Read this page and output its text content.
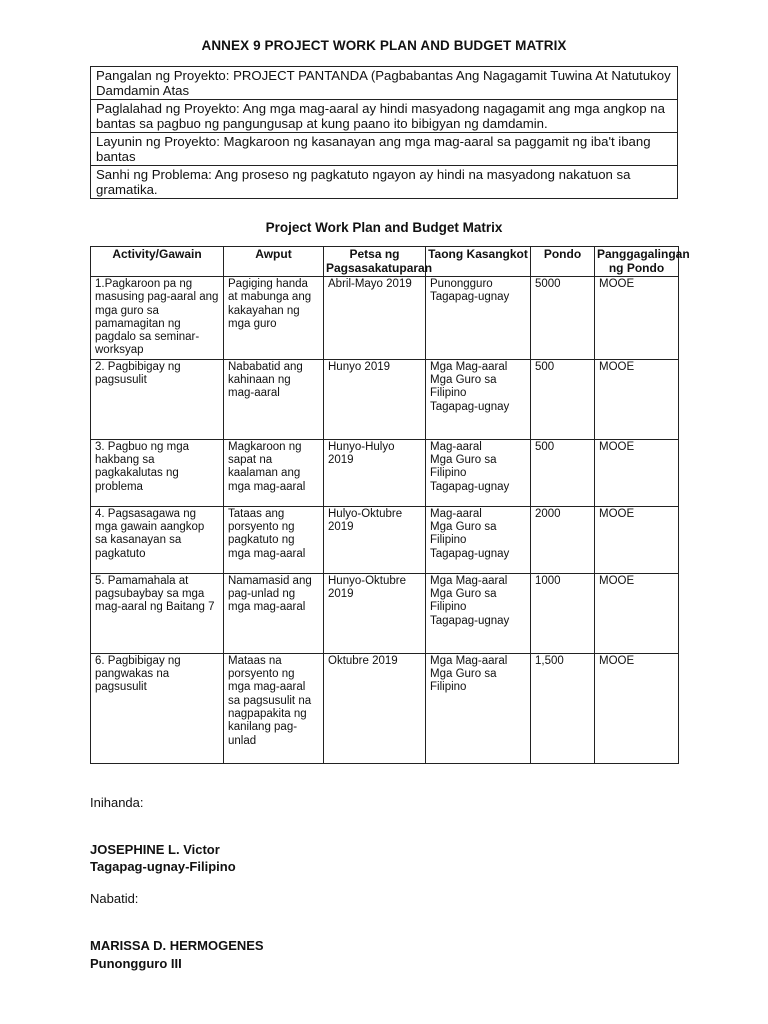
ANNEX 9 PROJECT WORK PLAN AND BUDGET MATRIX
Pangalan ng Proyekto: PROJECT PANTANDA (Pagbabantas Ang Nagagamit Tuwina At Natutukoy Damdamin Atas
Paglalahad ng Proyekto: Ang mga mag-aaral ay hindi masyadong nagagamit ang mga angkop na bantas sa pagbuo ng pangungusap at kung paano ito bibigyan ng damdamin.
Layunin ng Proyekto: Magkaroon ng kasanayan ang mga mag-aaral sa paggamit ng iba't ibang bantas
Sanhi ng Problema: Ang proseso ng pagkatuto ngayon ay hindi na masyadong nakatuon sa gramatika.
Project Work Plan and Budget Matrix
Activity/Gawain	Awput	Petsa ng Pagsasakatuparan	Taong Kasangkot	Pondo	Panggagalingan ng Pondo
1.Pagkaroon pa ng masusing pag-aaral ang mga guro sa pamamagitan ng pagdalo sa seminar-worksyap	Pagiging handa at mabunga ang kakayahan ng mga guro	Abril-Mayo 2019	Punongguro
Tagapag-ugnay	5000	MOOE
2. Pagbibigay ng pagsusulit	Nababatid ang kahinaan ng mag-aaral	Hunyo 2019	Mga Mag-aaral
Mga Guro sa Filipino
Tagapag-ugnay	500	MOOE
3. Pagbuo ng mga hakbang sa pagkakalutas ng problema	Magkaroon ng sapat na kaalaman ang mga mag-aaral	Hunyo-Hulyo 2019	Mag-aaral
Mga Guro sa Filipino
Tagapag-ugnay	500	MOOE
4. Pagsasagawa ng mga gawain aangkop sa kasanayan sa pagkatuto	Tataas ang porsyento ng pagkatuto ng mga mag-aaral	Hulyo-Oktubre 2019	Mag-aaral
Mga Guro sa Filipino
Tagapag-ugnay	2000	MOOE
5. Pamamahala at pagsubaybay sa mga mag-aaral ng Baitang 7	Namamasid ang pag-unlad ng mga mag-aaral	Hunyo-Oktubre 2019	Mga Mag-aaral
Mga Guro sa Filipino
Tagapag-ugnay	1000	MOOE
6. Pagbibigay ng pangwakas na pagsusulit	Mataas na porsyento ng mga mag-aaral sa pagsusulit na nagpapakita ng kanilang pag-unlad	Oktubre 2019	Mga Mag-aaral
Mga Guro sa Filipino	1,500	MOOE
Inihanda:
JOSEPHINE L. Victor
Tagapag-ugnay-Filipino
Nabatid:
MARISSA D. HERMOGENES
Punongguro III
